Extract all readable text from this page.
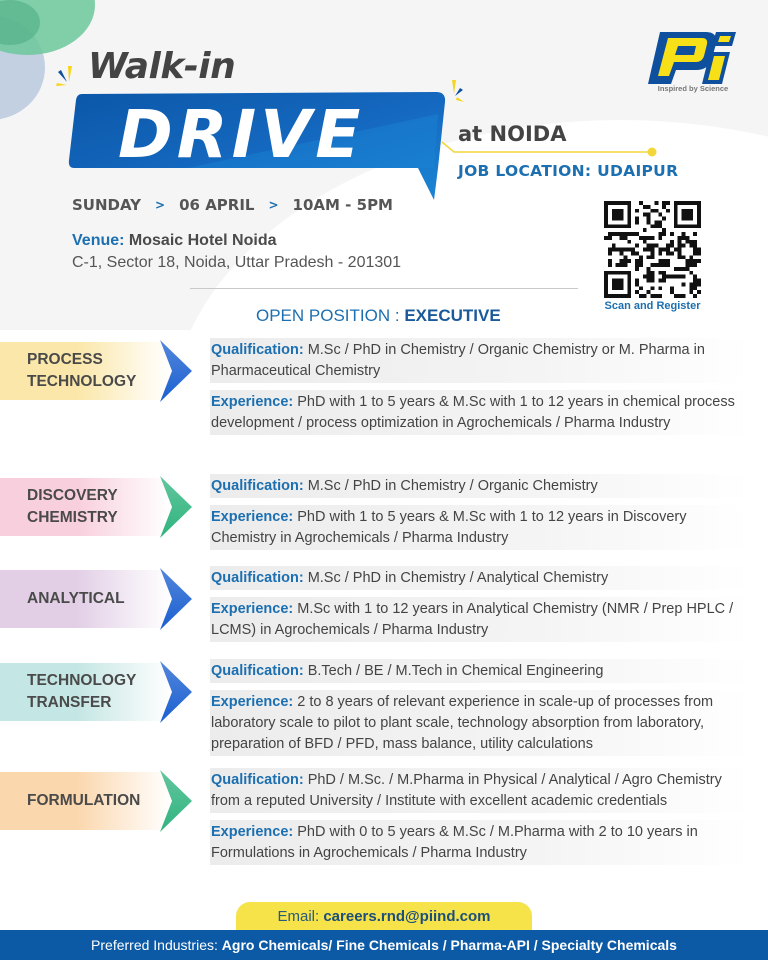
Walk-in
DRIVE	at NOIDA
JOB LOCATION: UDAIPUR
Inspired by Science
SUNDAY > 06 APRIL > 10AM - 5PM
Venue: Mosaic Hotel Noida
C-1, Sector 18, Noida, Uttar Pradesh - 201301
OPEN POSITION : EXECUTIVE	Scan and Register
PROCESS
TECHNOLOGY

Qualification: M.Sc / PhD in Chemistry / Organic Chemistry or M. Pharma in Pharmaceutical Chemistry

Experience: PhD with 1 to 5 years & M.Sc with 1 to 12 years in chemical process development / process optimization in Agrochemicals / Pharma Industry

DISCOVERY
CHEMISTRY

Qualification: M.Sc / PhD in Chemistry / Organic Chemistry

Experience: PhD with 1 to 5 years & M.Sc with 1 to 12 years in Discovery Chemistry in Agrochemicals / Pharma Industry

ANALYTICAL

Qualification: M.Sc / PhD in Chemistry / Analytical Chemistry

Experience: M.Sc with 1 to 12 years in Analytical Chemistry (NMR / Prep HPLC / LCMS) in Agrochemicals / Pharma Industry

TECHNOLOGY
TRANSFER

Qualification: B.Tech / BE / M.Tech in Chemical Engineering

Experience: 2 to 8 years of relevant experience in scale-up of processes from laboratory scale to pilot to plant scale, technology absorption from laboratory, preparation of BFD / PFD, mass balance, utility calculations

FORMULATION

Qualification: PhD / M.Sc. / M.Pharma in Physical / Analytical / Agro Chemistry from a reputed University / Institute with excellent academic credentials

Experience: PhD with 0 to 5 years & M.Sc / M.Pharma with 2 to 10 years in Formulations in Agrochemicals / Pharma Industry

Email: careers.rnd@piind.com
Preferred Industries: Agro Chemicals/ Fine Chemicals / Pharma-API / Specialty Chemicals
